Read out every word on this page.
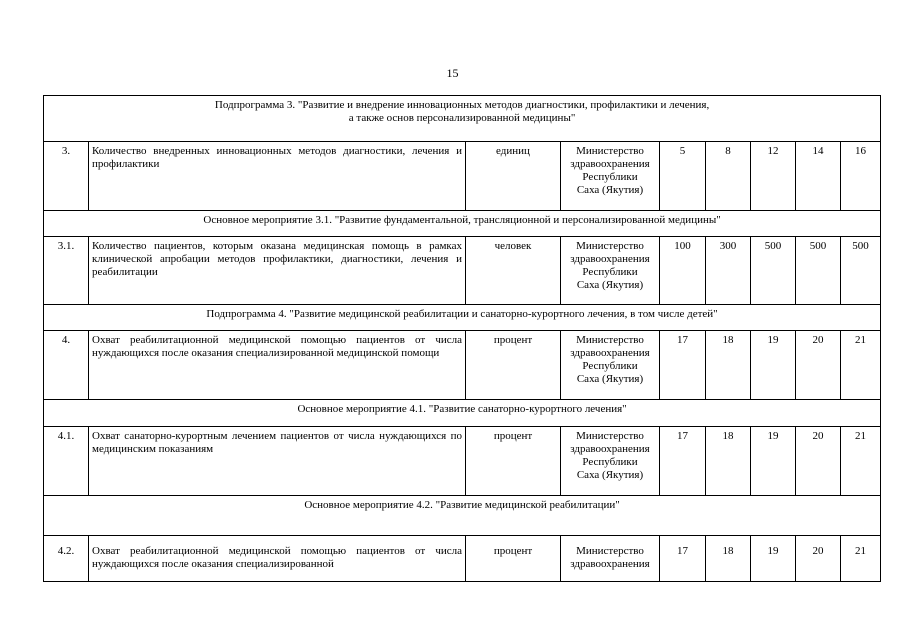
15
Подпрограмма 3. "Развитие и внедрение инновационных методов диагностики, профилактики и лечения,
а также основ персонализированной медицины"								

3.	Количество внедренных инновационных методов диагностики, лечения и профилактики	единиц	Министерство
здравоохранения
Республики
Саха (Якутия)	5	8	12	14	16
Основное мероприятие 3.1. "Развитие фундаментальной, трансляционной и персонализированной медицины"								
3.1.	Количество пациентов, которым оказана медицинская помощь в рамках клинической апробации методов профилактики, диагностики, лечения и реабилитации	человек	Министерство
здравоохранения
Республики
Саха (Якутия)	100	300	500	500	500
Подпрограмма 4. "Развитие медицинской реабилитации и санаторно-курортного лечения, в том числе детей"								
4.	Охват реабилитационной медицинской помощью пациентов от числа нуждающихся после оказания специализированной медицинской помощи	процент	Министерство
здравоохранения
Республики
Саха (Якутия)	17	18	19	20	21
Основное мероприятие 4.1. "Развитие санаторно-курортного лечения"								
4.1.	Охват санаторно-курортным лечением пациентов от числа нуждающихся по медицинским показаниям	процент	Министерство
здравоохранения
Республики
Саха (Якутия)	17	18	19	20	21
Основное мероприятие 4.2. "Развитие медицинской реабилитации"								
4.2.	Охват реабилитационной медицинской помощью пациентов от числа нуждающихся после оказания специализированной	процент	Министерство
здравоохранения	17	18	19	20	21
